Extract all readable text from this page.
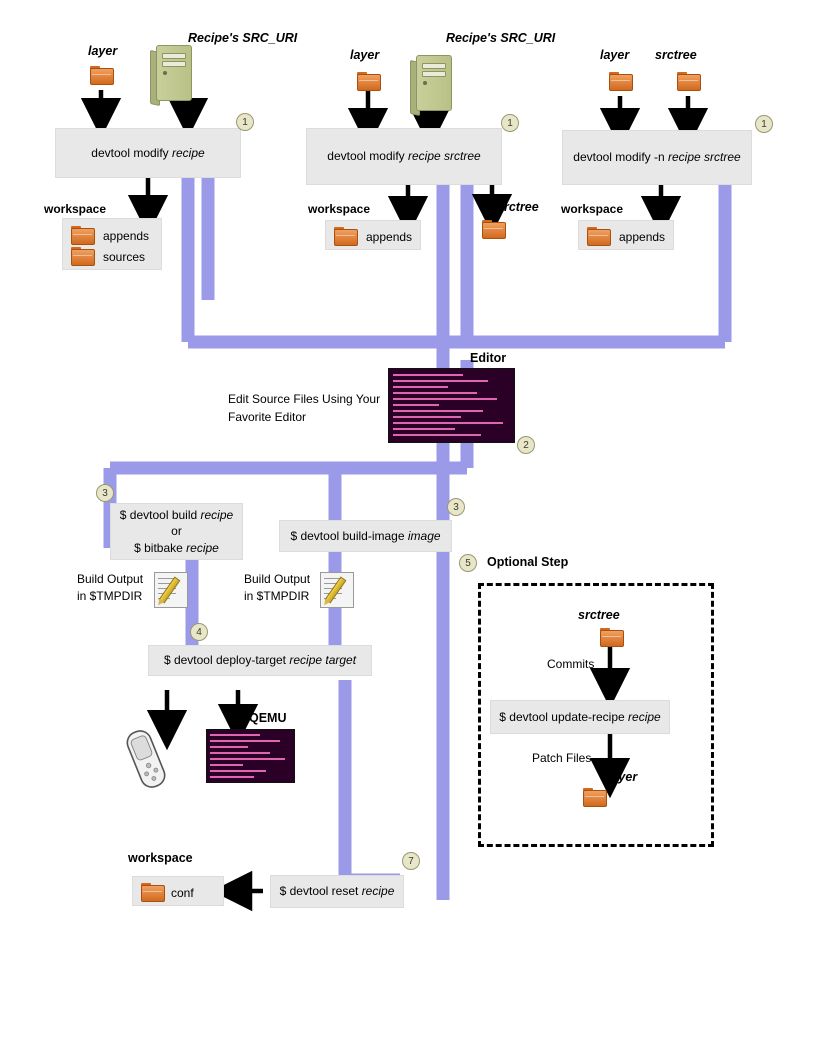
layer
Recipe's SRC_URI
devtool modify recipe
1
workspace
appends
sources
layer
Recipe's SRC_URI
devtool modify recipe srctree
1
workspace
appends
srctree
layer srctree
devtool modify -n recipe srctree
1
workspace
appends
Editor
Edit Source Files Using Your
Favorite Editor
2
3
$ devtool build recipe
or
$ bitbake recipe
3
$ devtool build-image image
Build Output
in $TMPDIR
Build Output
in $TMPDIR
4
$ devtool deploy-target recipe target
QEMU
5	Optional Step
srctree
Commits
$ devtool update-recipe recipe
Patch Files
layer
7
$ devtool reset recipe
workspace
conf
